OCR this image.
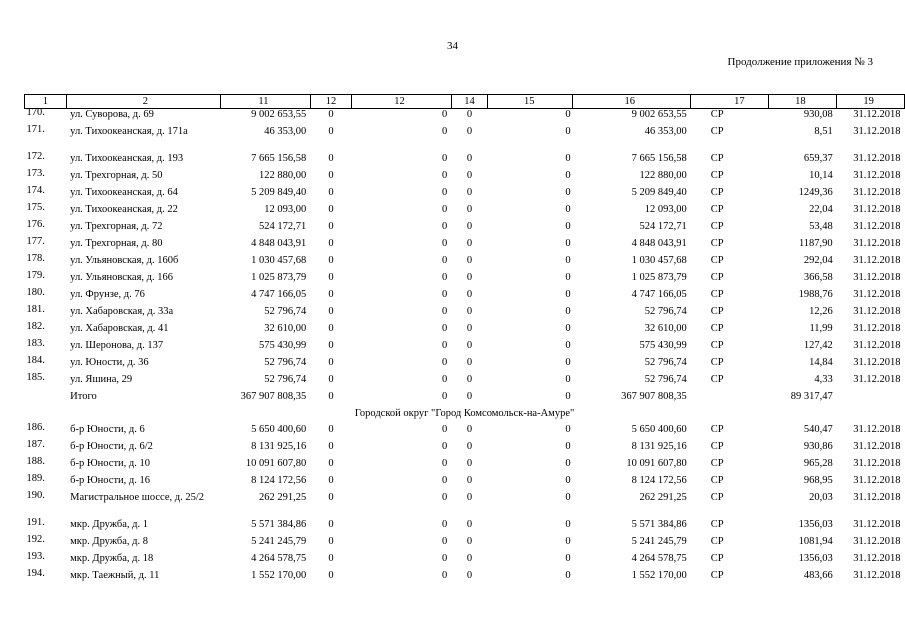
34
Продолжение приложения № 3
1	2	11	12	12	14	15	16	17	18	19

170.	ул. Суворова, д. 69	9 002 653,55	0	0	0	0	9 002 653,55	СР	930,08	31.12.2018

171.	ул. Тихоокеанская, д. 171а	46 353,00	0	0	0	0	46 353,00	СР	8,51	31.12.2018

172.	ул. Тихоокеанская, д. 193	7 665 156,58	0	0	0	0	7 665 156,58	СР	659,37	31.12.2018

173.	ул. Трехгорная, д. 50	122 880,00	0	0	0	0	122 880,00	СР	10,14	31.12.2018

174.	ул. Тихоокеанская, д. 64	5 209 849,40	0	0	0	0	5 209 849,40	СР	1249,36	31.12.2018

175.	ул. Тихоокеанская, д. 22	12 093,00	0	0	0	0	12 093,00	СР	22,04	31.12.2018

176.	ул. Трехгорная, д. 72	524 172,71	0	0	0	0	524 172,71	СР	53,48	31.12.2018

177.	ул. Трехгорная, д. 80	4 848 043,91	0	0	0	0	4 848 043,91	СР	1187,90	31.12.2018

178.	ул. Ульяновская, д. 160б	1 030 457,68	0	0	0	0	1 030 457,68	СР	292,04	31.12.2018

179.	ул. Ульяновская, д. 166	1 025 873,79	0	0	0	0	1 025 873,79	СР	366,58	31.12.2018

180.	ул. Фрунзе, д. 76	4 747 166,05	0	0	0	0	4 747 166,05	СР	1988,76	31.12.2018

181.	ул. Хабаровская, д. 33а	52 796,74	0	0	0	0	52 796,74	СР	12,26	31.12.2018

182.	ул. Хабаровская, д. 41	32 610,00	0	0	0	0	32 610,00	СР	11,99	31.12.2018

183.	ул. Шеронова, д. 137	575 430,99	0	0	0	0	575 430,99	СР	127,42	31.12.2018

184.	ул. Юности, д. 36	52 796,74	0	0	0	0	52 796,74	СР	14,84	31.12.2018

185.	ул. Яшина, 29	52 796,74	0	0	0	0	52 796,74	СР	4,33	31.12.2018
	Итого	367 907 808,35	0	0	0	0	367 907 808,35		89 317,47	
Городской округ "Город Комсомольск-на-Амуре"										

186.	б-р Юности, д. 6	5 650 400,60	0	0	0	0	5 650 400,60	СР	540,47	31.12.2018

187.	б-р Юности, д. 6/2	8 131 925,16	0	0	0	0	8 131 925,16	СР	930,86	31.12.2018

188.	б-р Юности, д. 10	10 091 607,80	0	0	0	0	10 091 607,80	СР	965,28	31.12.2018

189.	б-р Юности, д. 16	8 124 172,56	0	0	0	0	8 124 172,56	СР	968,95	31.12.2018

190.	Магистральное шоссе, д. 25/2	262 291,25	0	0	0	0	262 291,25	СР	20,03	31.12.2018

191.	мкр. Дружба, д. 1	5 571 384,86	0	0	0	0	5 571 384,86	СР	1356,03	31.12.2018

192.	мкр. Дружба, д. 8	5 241 245,79	0	0	0	0	5 241 245,79	СР	1081,94	31.12.2018

193.	мкр. Дружба, д. 18	4 264 578,75	0	0	0	0	4 264 578,75	СР	1356,03	31.12.2018

194.	мкр. Таежный, д. 11	1 552 170,00	0	0	0	0	1 552 170,00	СР	483,66	31.12.2018
